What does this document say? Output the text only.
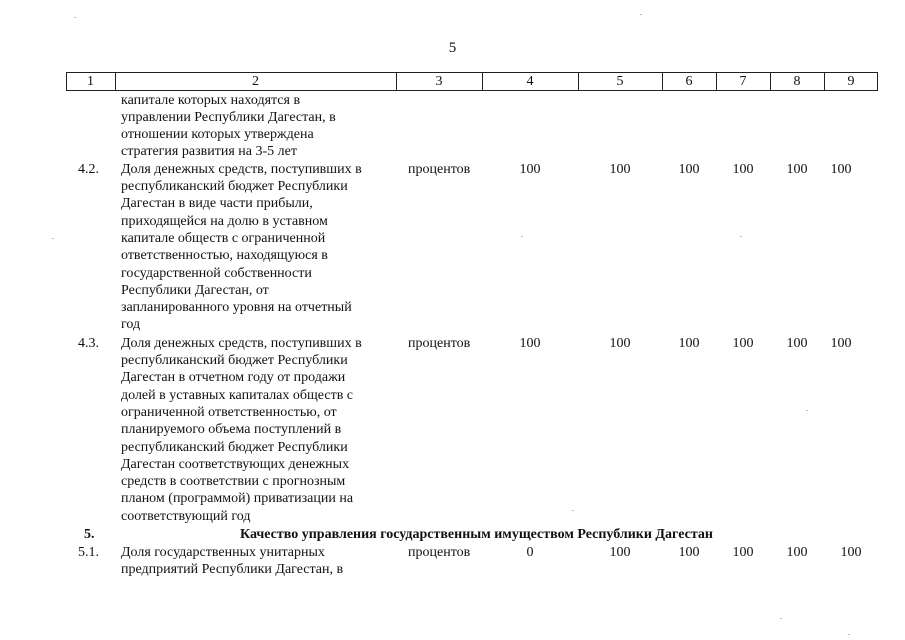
5
1	2	3	4	5	6	7	8	9
капитале которых находятся в
управлении Республики Дагестан, в
отношении которых утверждена
стратегия развития на 3-5 лет
4.2. Доля денежных средств, поступивших в
республиканский бюджет Республики
Дагестан в виде части прибыли,
приходящейся на долю в уставном
капитале обществ с ограниченной
ответственностью, находящуюся в
государственной собственности
Республики Дагестан, от
запланированного уровня на отчетный
год
процентов	100	100	100	100	100	100
4.3. Доля денежных средств, поступивших в
республиканский бюджет Республики
Дагестан в отчетном году от продажи
долей в уставных капиталах обществ с
ограниченной ответственностью, от
планируемого объема поступлений в
республиканский бюджет Республики
Дагестан соответствующих денежных
средств в соответствии с прогнозным
планом (программой) приватизации на
соответствующий год
процентов	100	100	100	100	100	100
5.	Качество управления государственным имуществом Республики Дагестан
5.1. Доля государственных унитарных
предприятий Республики Дагестан, в
процентов	0	100	100	100	100	100
